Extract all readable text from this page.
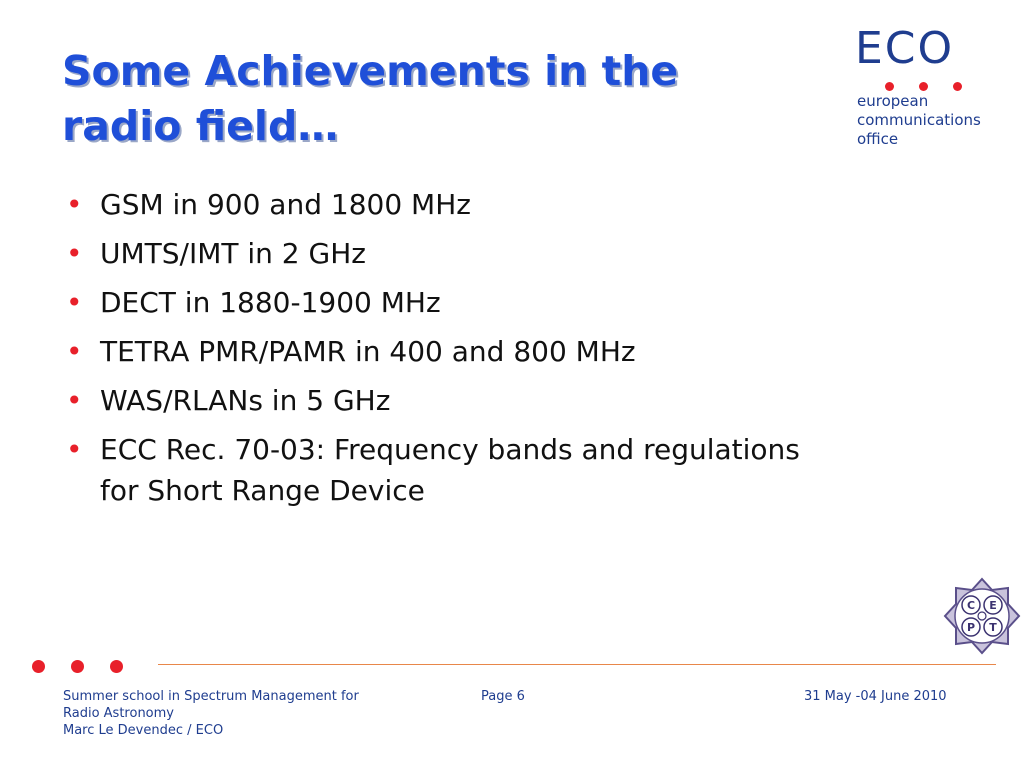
Some Achievements in the
radio field…
• GSM in 900 and 1800 MHz
• UMTS/IMT in 2 GHz
• DECT in 1880-1900 MHz
• TETRA PMR/PAMR in 400 and 800 MHz
• WAS/RLANs in 5 GHz
• ECC Rec. 70-03: Frequency bands and regulations for Short Range Device
ECO
european
communications
office
C E
P T
Summer school in Spectrum Management for
Radio Astronomy
Marc Le Devendec / ECO
Page 6	31 May -04 June 2010
